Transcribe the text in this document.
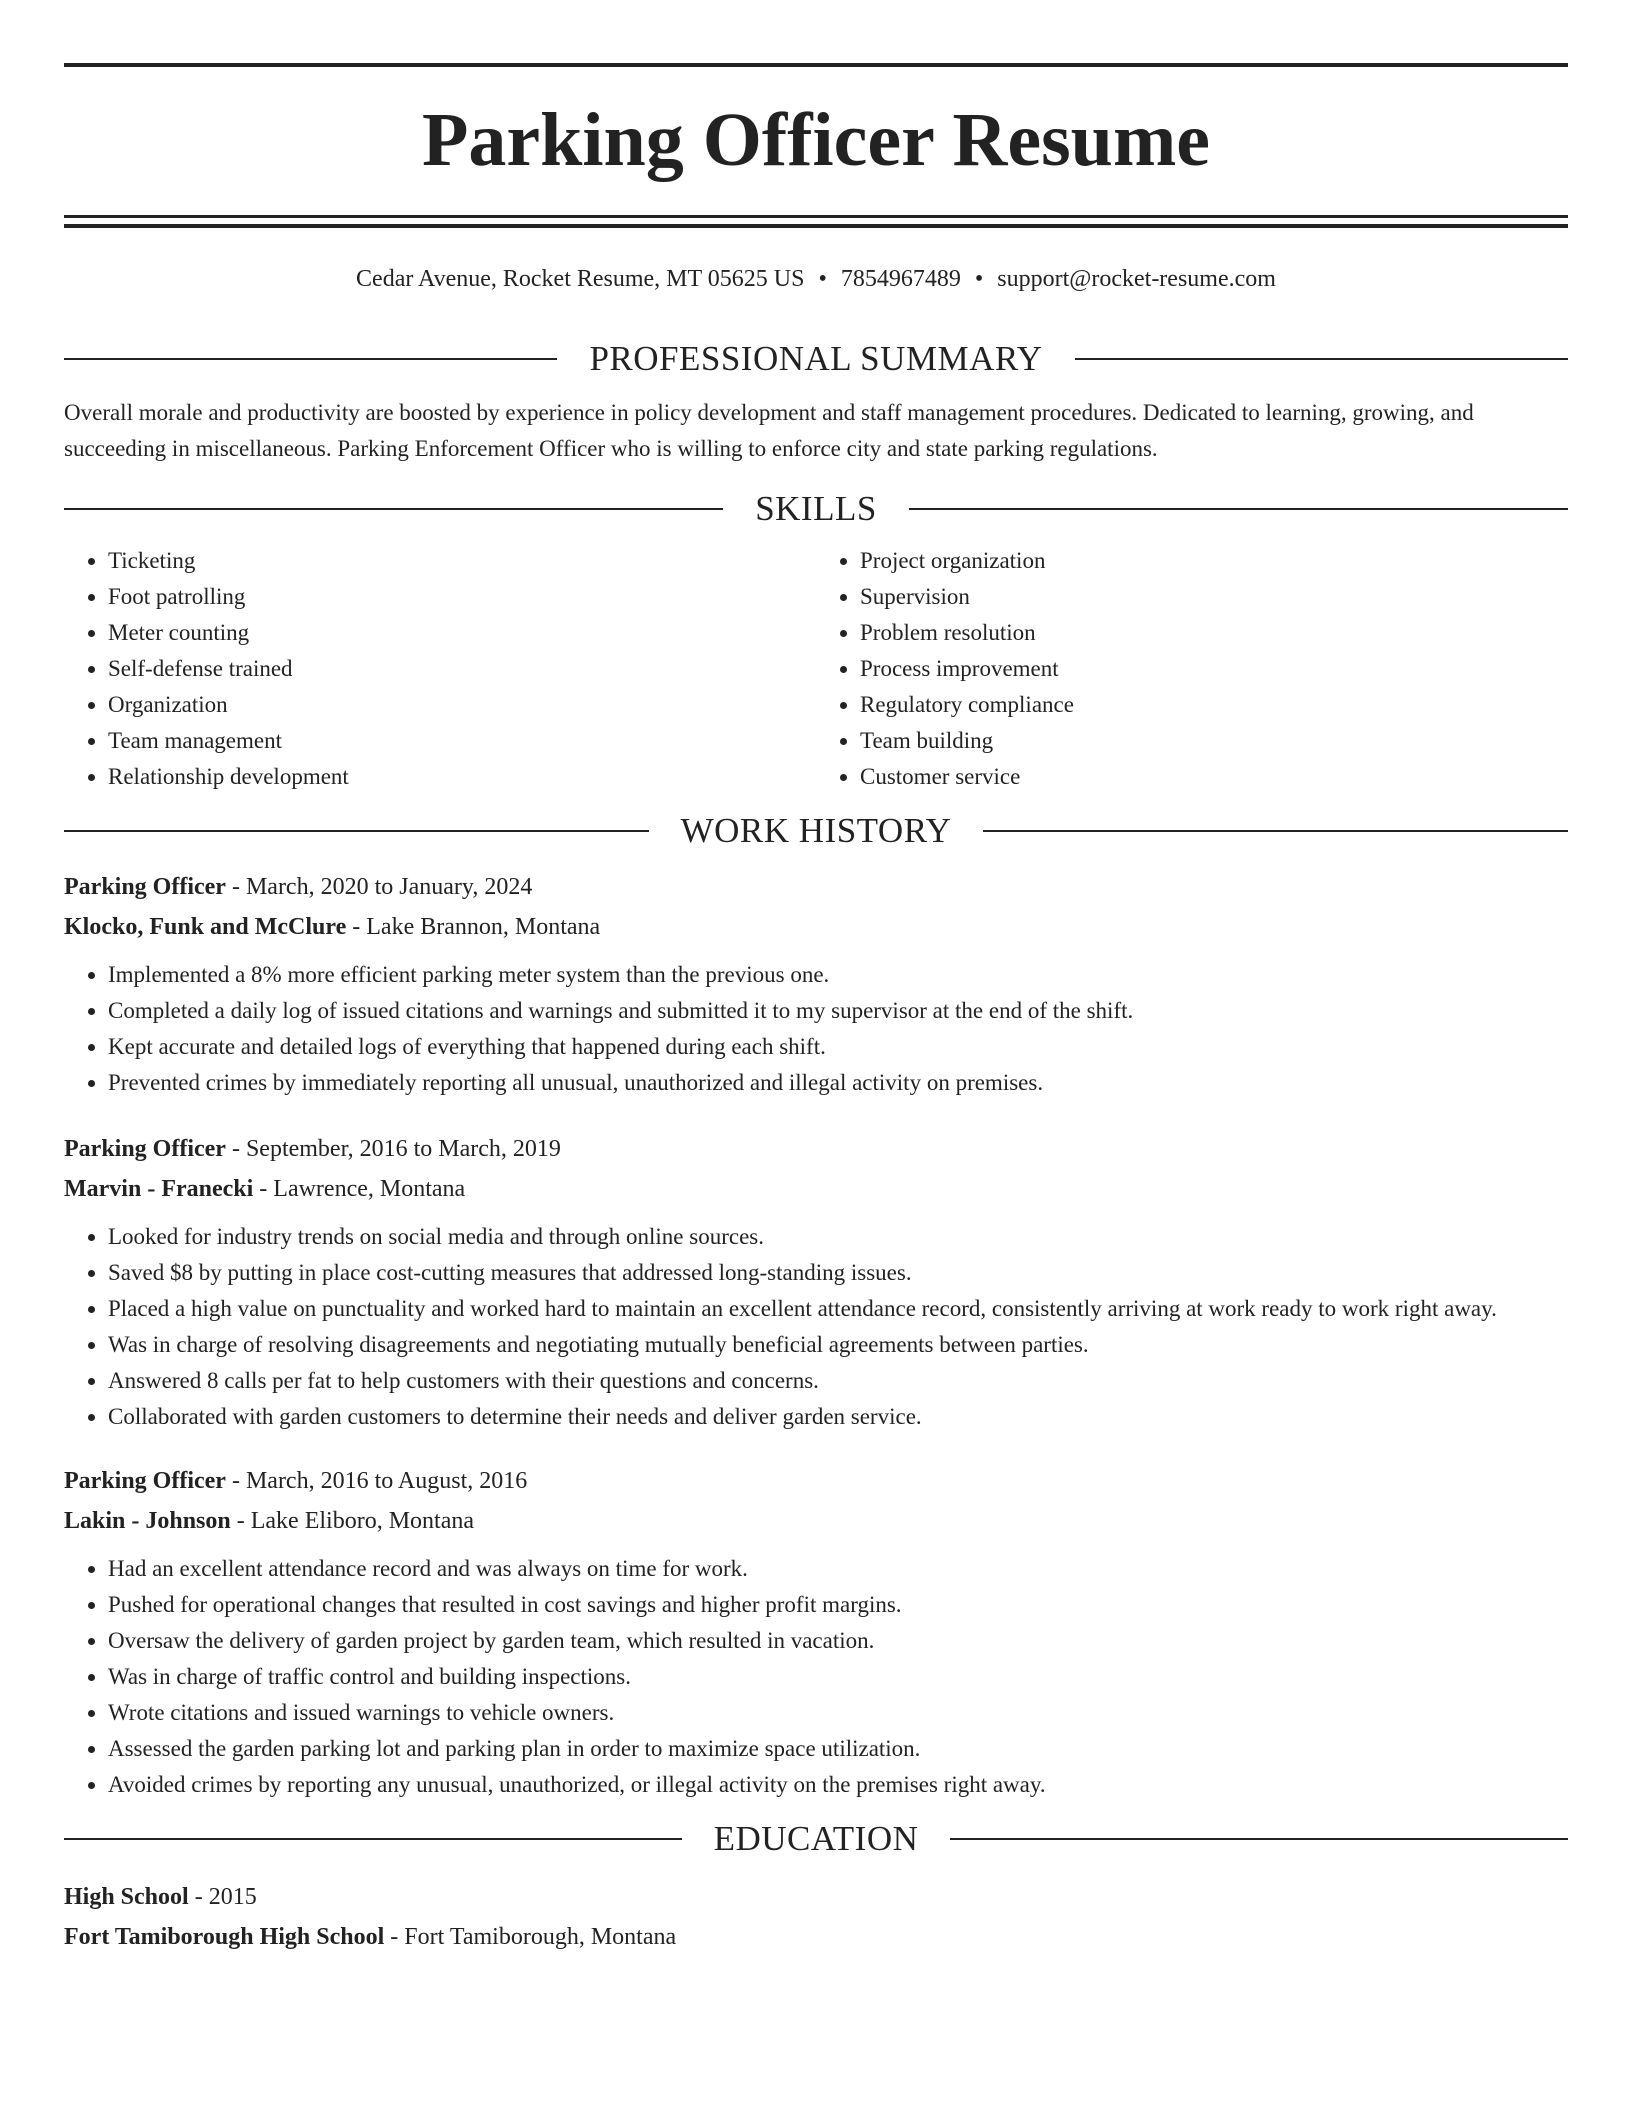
Parking Officer Resume
Cedar Avenue, Rocket Resume, MT 05625 US • 7854967489 • support@rocket-resume.com
PROFESSIONAL SUMMARY
Overall morale and productivity are boosted by experience in policy development and staff management procedures. Dedicated to learning, growing, and succeeding in miscellaneous. Parking Enforcement Officer who is willing to enforce city and state parking regulations.
SKILLS
• Ticketing
• Foot patrolling
• Meter counting
• Self-defense trained
• Organization
• Team management
• Relationship development
• Project organization
• Supervision
• Problem resolution
• Process improvement
• Regulatory compliance
• Team building
• Customer service
WORK HISTORY
Parking Officer - March, 2020 to January, 2024
Klocko, Funk and McClure - Lake Brannon, Montana
• Implemented a 8% more efficient parking meter system than the previous one.
• Completed a daily log of issued citations and warnings and submitted it to my supervisor at the end of the shift.
• Kept accurate and detailed logs of everything that happened during each shift.
• Prevented crimes by immediately reporting all unusual, unauthorized and illegal activity on premises.
Parking Officer - September, 2016 to March, 2019
Marvin - Franecki - Lawrence, Montana
• Looked for industry trends on social media and through online sources.
• Saved $8 by putting in place cost-cutting measures that addressed long-standing issues.
• Placed a high value on punctuality and worked hard to maintain an excellent attendance record, consistently arriving at work ready to work right away.
• Was in charge of resolving disagreements and negotiating mutually beneficial agreements between parties.
• Answered 8 calls per fat to help customers with their questions and concerns.
• Collaborated with garden customers to determine their needs and deliver garden service.
Parking Officer - March, 2016 to August, 2016
Lakin - Johnson - Lake Eliboro, Montana
• Had an excellent attendance record and was always on time for work.
• Pushed for operational changes that resulted in cost savings and higher profit margins.
• Oversaw the delivery of garden project by garden team, which resulted in vacation.
• Was in charge of traffic control and building inspections.
• Wrote citations and issued warnings to vehicle owners.
• Assessed the garden parking lot and parking plan in order to maximize space utilization.
• Avoided crimes by reporting any unusual, unauthorized, or illegal activity on the premises right away.
EDUCATION
High School - 2015
Fort Tamiborough High School - Fort Tamiborough, Montana
